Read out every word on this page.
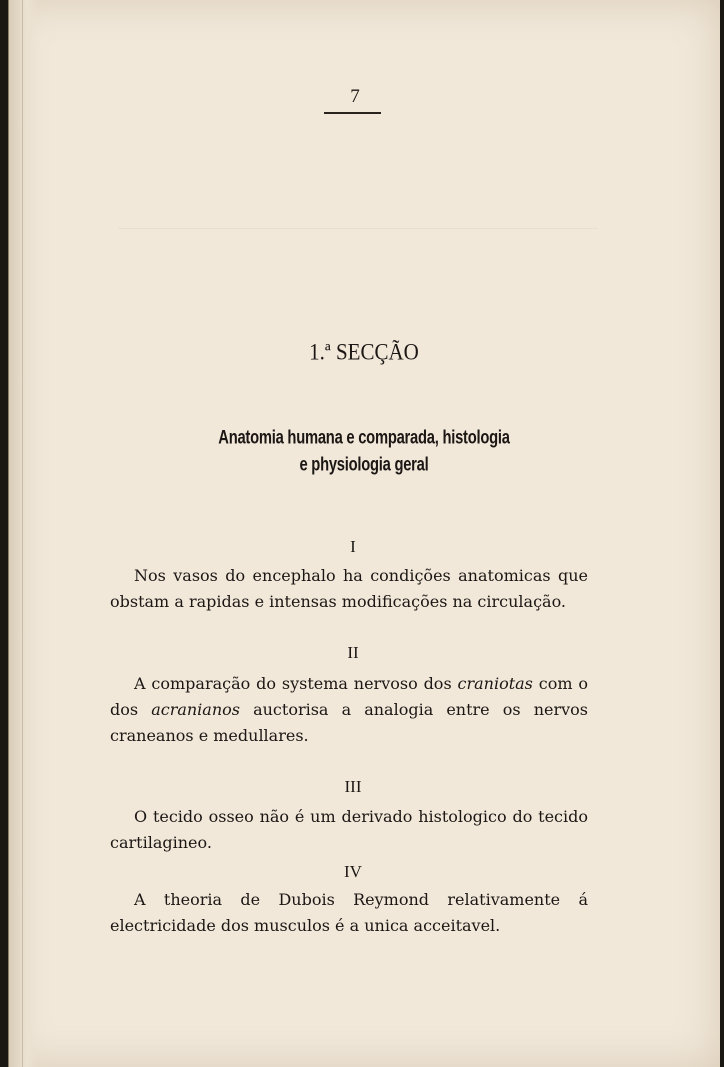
7
1.ª SECÇÃO
Anatomia humana e comparada, histologia
e physiologia geral
I
Nos vasos do encephalo ha condições anatomicas que obstam a rapidas e intensas modificações na circulação.
II
A comparação do systema nervoso dos craniotas com o dos acranianos auctorisa a analogia entre os nervos craneanos e medullares.
III
O tecido osseo não é um derivado histologico do tecido cartilagineo.
IV
A theoria de Dubois Reymond relativamente á electricidade dos musculos é a unica acceitavel.
